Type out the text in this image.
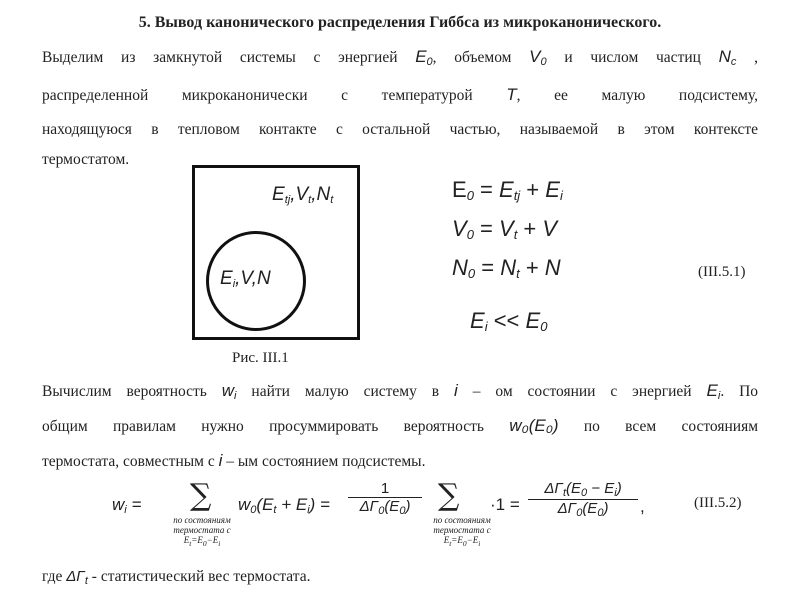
5. Вывод канонического распределения Гиббса из микроканонического.
Выделим из замкнутой системы с энергией $E_0$, объемом $V_0$ и числом частиц $N_c$ ,
распределенной микроканонически с температурой T, ее малую подсистему,
находящуюся в тепловом контакте с остальной частью, называемой в этом контексте
термостатом.
$E_{tj},V_t,N_t$
$E_i,V,N$
Рис. III.1
$E_0 = E_{tj} + E_i$
$V_0 = V_t + V$
$N_0 = N_t + N$
$E_i << E_0$
(III.5.1)
Вычислим вероятность $w_i$ найти малую систему в i – ом состоянии с энергией $E_i$. По
общим правилам нужно просуммировать вероятность w₀(E₀) по всем состояниям
термостата, совместным с i – ым состоянием подсистемы.
$w_i$ = ∑
по состояниям
термостата с
$E_t=E_0-E_i$
$w_0(E_t + E_i)$ =
1
$\Delta\Gamma_0(E_0)$ ∑
по состояниям
термостата с
$E_t=E_0-E_i$
·1 =
$\Delta\Gamma_t(E_0 - E_i)$
$\Delta\Gamma_0(E_0)$	,	(III.5.2)
где $\Delta\Gamma_t$ - статистический вес термостата.
